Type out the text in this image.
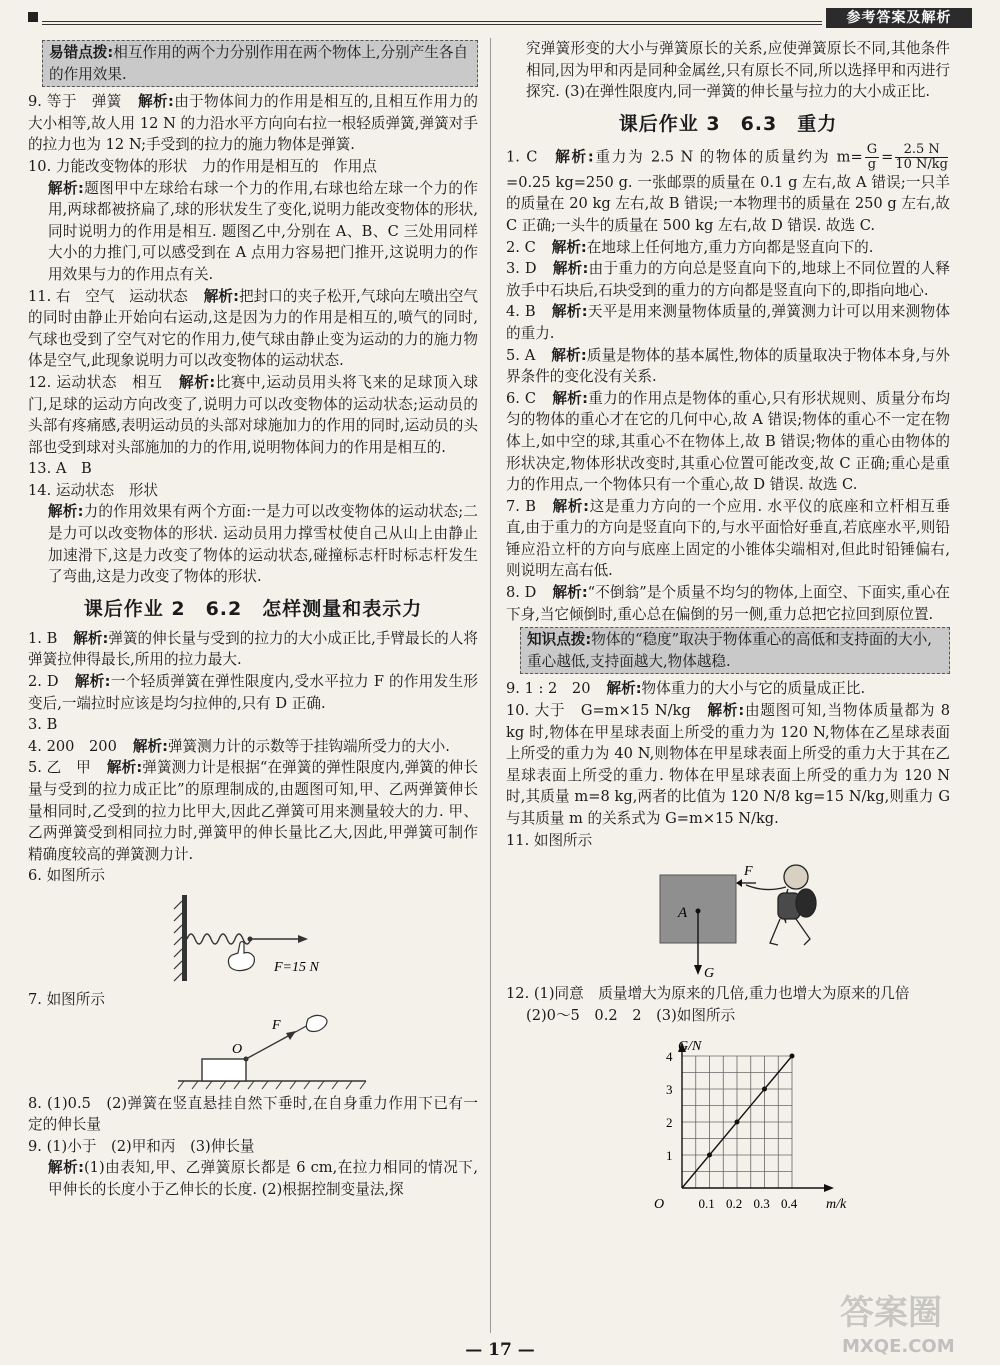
参考答案及解析
易错点拨:相互作用的两个力分别作用在两个物体上,分别产生各自的作用效果.

9. 等于　弹簧 解析:由于物体间力的作用是相互的,且相互作用力的大小相等,故人用 12 N 的力沿水平方向向右拉一根轻质弹簧,弹簧对手的拉力也为 12 N;手受到的拉力的施力物体是弹簧.

10. 力能改变物体的形状　力的作用是相互的　作用点

解析:题图甲中左球给右球一个力的作用,右球也给左球一个力的作用,两球都被挤扁了,球的形状发生了变化,说明力能改变物体的形状,同时说明力的作用是相互. 题图乙中,分别在 A、B、C 三处用同样大小的力推门,可以感受到在 A 点用力容易把门推开,这说明力的作用效果与力的作用点有关.

11. 右　空气　运动状态 解析:把封口的夹子松开,气球向左喷出空气的同时由静止开始向右运动,这是因为力的作用是相互的,喷气的同时,气球也受到了空气对它的作用力,使气球由静止变为运动的力的施力物体是空气,此现象说明力可以改变物体的运动状态.

12. 运动状态　相互 解析:比赛中,运动员用头将飞来的足球顶入球门,足球的运动方向改变了,说明力可以改变物体的运动状态;运动员的头部有疼痛感,表明运动员的头部对球施加力的作用的同时,运动员的头部也受到球对头部施加的力的作用,说明物体间力的作用是相互的.

13. A　B

14. 运动状态　形状

解析:力的作用效果有两个方面:一是力可以改变物体的运动状态;二是力可以改变物体的形状. 运动员用力撑雪杖使自己从山上由静止加速滑下,这是力改变了物体的运动状态,碰撞标志杆时标志杆发生了弯曲,这是力改变了物体的形状.

课后作业 2 6.2 怎样测量和表示力

1. B 解析:弹簧的伸长量与受到的拉力的大小成正比,手臂最长的人将弹簧拉伸得最长,所用的拉力最大.

2. D 解析:一个轻质弹簧在弹性限度内,受水平拉力 F 的作用发生形变后,一端拉时应该是均匀拉伸的,只有 D 正确.

3. B

4. 200　200 解析:弹簧测力计的示数等于挂钩端所受力的大小.

5. 乙　甲 解析:弹簧测力计是根据“在弹簧的弹性限度内,弹簧的伸长量与受到的拉力成正比”的原理制成的,由题图可知,甲、乙两弹簧伸长量相同时,乙受到的拉力比甲大,因此乙弹簧可用来测量较大的力. 甲、乙两弹簧受到相同拉力时,弹簧甲的伸长量比乙大,因此,甲弹簧可制作精确度较高的弹簧测力计.

6. 如图所示

F=15 N

7. 如图所示

F
O

8. (1)0.5　(2)弹簧在竖直悬挂自然下垂时,在自身重力作用下已有一定的伸长量

9. (1)小于　(2)甲和丙　(3)伸长量

解析:(1)由表知,甲、乙弹簧原长都是 6 cm,在拉力相同的情况下,甲伸长的长度小于乙伸长的长度. (2)根据控制变量法,探

究弹簧形变的大小与弹簧原长的关系,应使弹簧原长不同,其他条件相同,因为甲和丙是同种金属丝,只有原长不同,所以选择甲和丙进行探究. (3)在弹性限度内,同一弹簧的伸长量与拉力的大小成正比.

课后作业 3 6.3 重力

1. C 解析:重力为 2.5 N 的物体的质量约为 $m= \frac{G}{g} = \frac{2.5 N}{10 N/kg}$
=0.25 kg=250 g. 一张邮票的质量在 0.1 g 左右,故 A 错误;一只羊的质量在 20 kg 左右,故 B 错误;一本物理书的质量在 250 g 左右,故 C 正确;一头牛的质量在 500 kg 左右,故 D 错误. 故选 C.

2. C 解析:在地球上任何地方,重力方向都是竖直向下的.

3. D 解析:由于重力的方向总是竖直向下的,地球上不同位置的人释放手中石块后,石块受到的重力的方向都是竖直向下的,即指向地心.

4. B 解析:天平是用来测量物体质量的,弹簧测力计可以用来测物体的重力.

5. A 解析:质量是物体的基本属性,物体的质量取决于物体本身,与外界条件的变化没有关系.

6. C 解析:重力的作用点是物体的重心,只有形状规则、质量分布均匀的物体的重心才在它的几何中心,故 A 错误;物体的重心不一定在物体上,如中空的球,其重心不在物体上,故 B 错误;物体的重心由物体的形状决定,物体形状改变时,其重心位置可能改变,故 C 正确;重心是重力的作用点,一个物体只有一个重心,故 D 错误. 故选 C.

7. B 解析:这是重力方向的一个应用. 水平仪的底座和立杆相互垂直,由于重力的方向是竖直向下的,与水平面恰好垂直,若底座水平,则铅锤应沿立杆的方向与底座上固定的小锥体尖端相对,但此时铅锤偏右,则说明左高右低.

8. D 解析:“不倒翁”是个质量不均匀的物体,上面空、下面实,重心在下身,当它倾倒时,重心总在偏倒的另一侧,重力总把它拉回到原位置.

知识点拨:物体的“稳度”取决于物体重心的高低和支持面的大小,重心越低,支持面越大,物体越稳.

9. 1 : 2　20 解析:物体重力的大小与它的质量成正比.

10. 大于　G=m×15 N/kg 解析:由题图可知,当物体质量都为 8 kg 时,物体在甲星球表面上所受的重力为 120 N,物体在乙星球表面上所受的重力为 40 N,则物体在甲星球表面上所受的重力大于其在乙星球表面上所受的重力. 物体在甲星球表面上所受的重力为 120 N 时,其质量 m=8 kg,两者的比值为 120 N/8 kg=15 N/kg,则重力 G 与其质量 m 的关系式为 G=m×15 N/kg.

11. 如图所示

A
G
F

12. (1)同意　质量增大为原来的几倍,重力也增大为原来的几倍

(2)0～5　0.2　2　(3)如图所示

0.1 0.2 0.3 0.4
1
2
3
4
G/N
m/k
O
— 17 —
答案圈
MXQE.COM
